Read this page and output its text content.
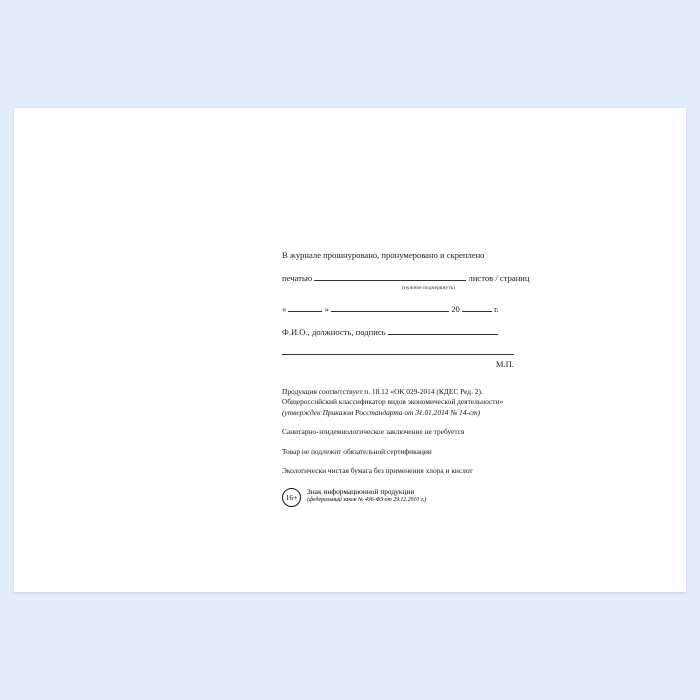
В журнале прошнуровано, пронумеровано и скреплено
печатью	листов / страниц
(нужное подчеркнуть)
«	»	20	г.
Ф.И.О., должность, подпись
М.П.

Продукция соответствует п. 18.12 «ОК 029-2014 (КДЕС Ред. 2).
Общероссийский классификатор видов экономической деятельности»
(утвержден Приказом Росстандарта от 31.01.2014 № 14-ст)

Санитарно-эпидемиологическое заключение не требуется

Товар не подлежит обязательной сертификации

Экологически чистая бумага без применения хлора и кислот

16+
Знак информационной продукции
(федеральный закон № 436-ФЗ от 29.12.2010 г.)
